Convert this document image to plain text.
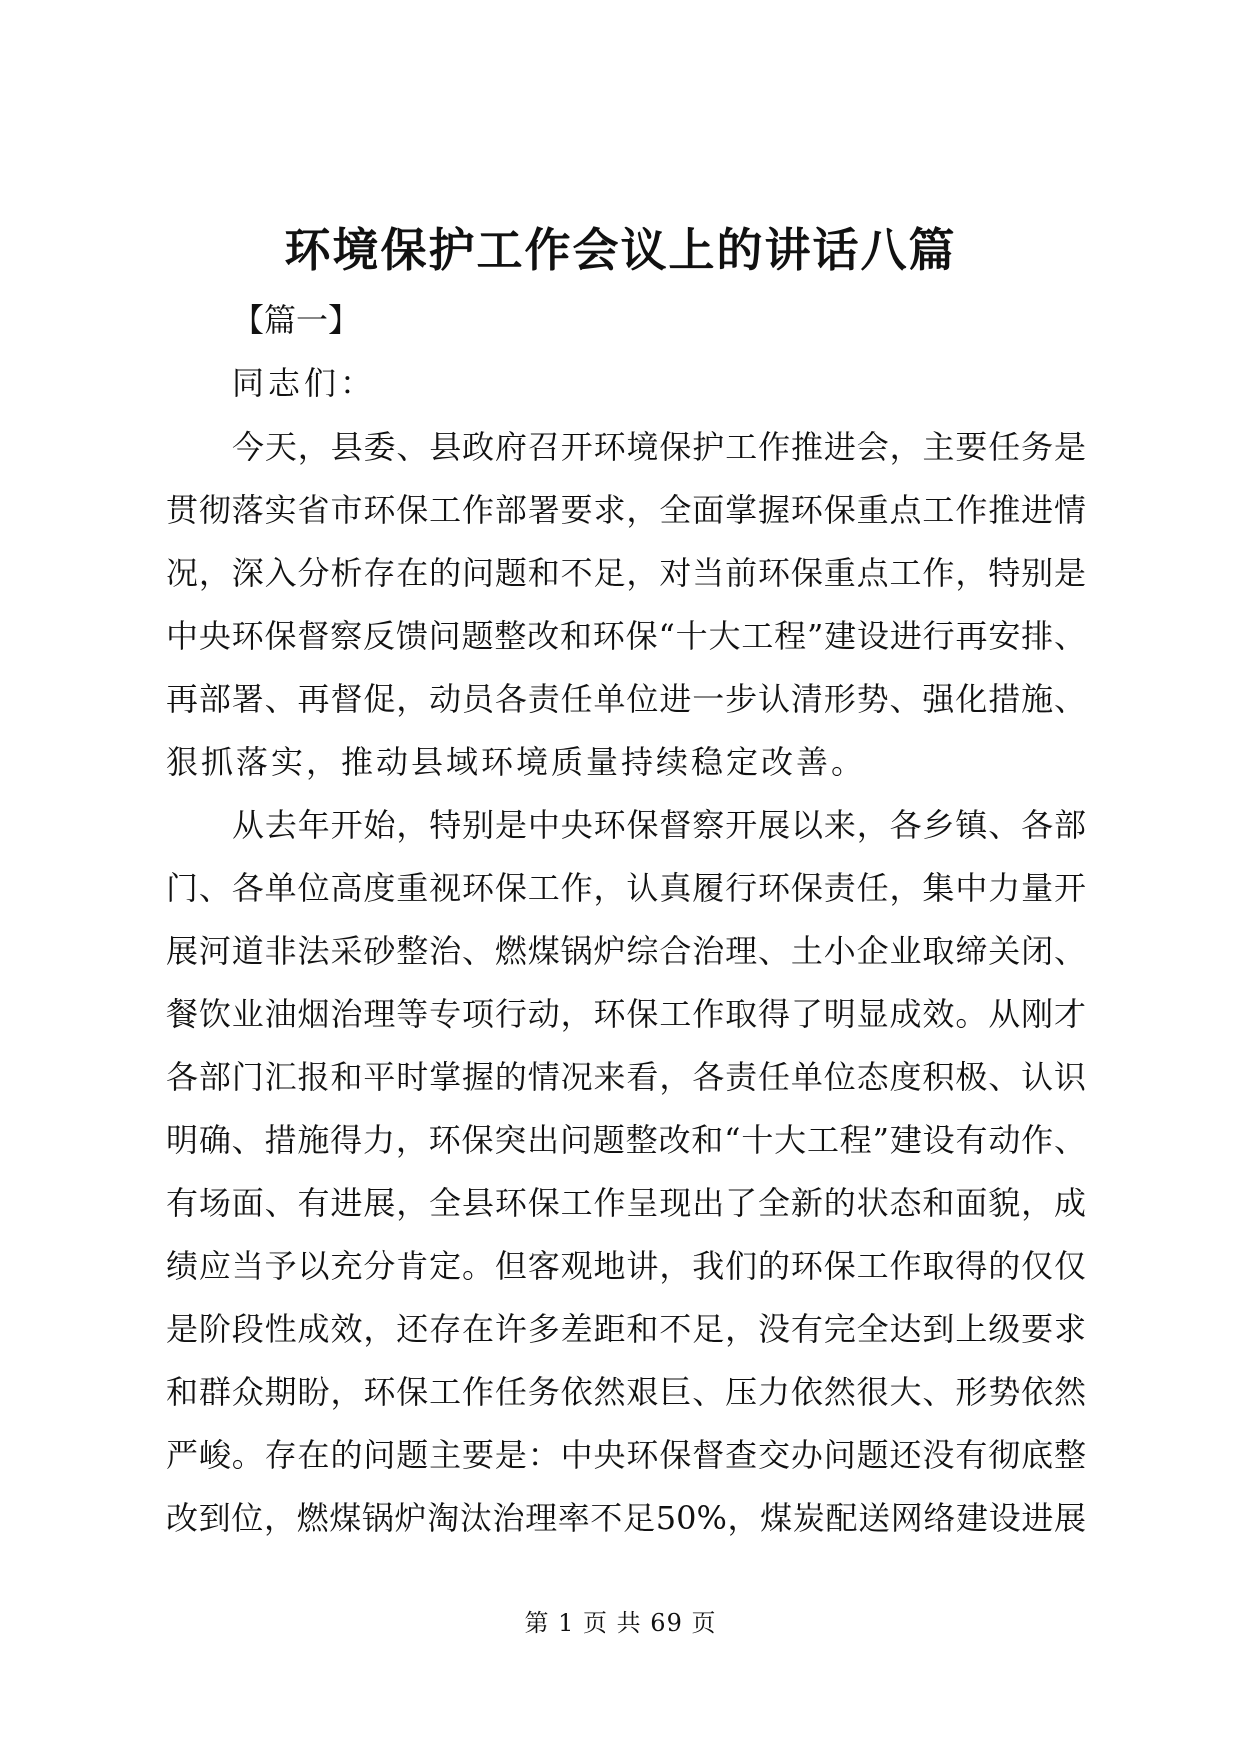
环境保护工作会议上的讲话八篇
【篇一】
同志们：
今天，县委、县政府召开环境保护工作推进会，主要任务是
贯彻落实省市环保工作部署要求，全面掌握环保重点工作推进情
况，深入分析存在的问题和不足，对当前环保重点工作，特别是
中央环保督察反馈问题整改和环保“十大工程”建设进行再安排、
再部署、再督促，动员各责任单位进一步认清形势、强化措施、
狠抓落实，推动县域环境质量持续稳定改善。
从去年开始，特别是中央环保督察开展以来，各乡镇、各部
门、各单位高度重视环保工作，认真履行环保责任，集中力量开
展河道非法采砂整治、燃煤锅炉综合治理、土小企业取缔关闭、
餐饮业油烟治理等专项行动，环保工作取得了明显成效。从刚才
各部门汇报和平时掌握的情况来看，各责任单位态度积极、认识
明确、措施得力，环保突出问题整改和“十大工程”建设有动作、
有场面、有进展，全县环保工作呈现出了全新的状态和面貌，成
绩应当予以充分肯定。但客观地讲，我们的环保工作取得的仅仅
是阶段性成效，还存在许多差距和不足，没有完全达到上级要求
和群众期盼，环保工作任务依然艰巨、压力依然很大、形势依然
严峻。存在的问题主要是：中央环保督查交办问题还没有彻底整
改到位，燃煤锅炉淘汰治理率不足50%，煤炭配送网络建设进展
第 1 页 共 69 页
